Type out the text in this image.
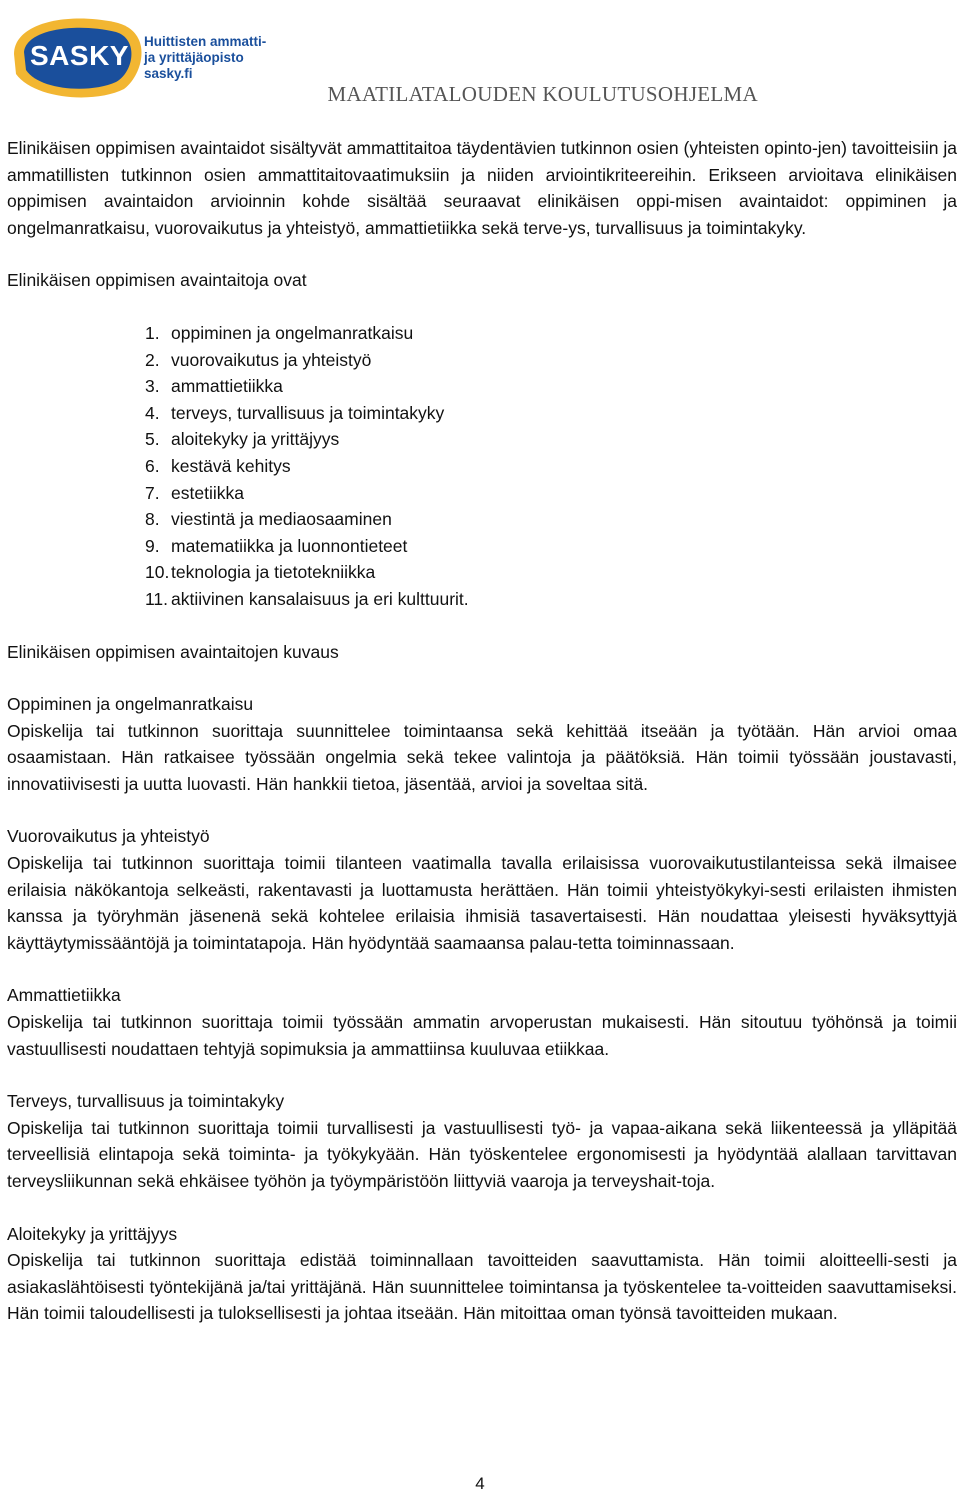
SASKY Huittisten ammatti-
ja yrittäjäopisto
sasky.fi
MAATILATALOUDEN KOULUTUSOHJELMA

Elinikäisen oppimisen avaintaidot sisältyvät ammattitaitoa täydentävien tutkinnon osien (yhteisten opinto-jen) tavoitteisiin ja ammatillisten tutkinnon osien ammattitaitovaatimuksiin ja niiden arviointikriteereihin. Erikseen arvioitava elinikäisen oppimisen avaintaidon arvioinnin kohde sisältää seuraavat elinikäisen oppi-misen avaintaidot: oppiminen ja ongelmanratkaisu, vuorovaikutus ja yhteistyö, ammattietiikka sekä terve-ys, turvallisuus ja toimintakyky.

Elinikäisen oppimisen avaintaitoja ovat

1. oppiminen ja ongelmanratkaisu
2. vuorovaikutus ja yhteistyö
3. ammattietiikka
4. terveys, turvallisuus ja toimintakyky
5. aloitekyky ja yrittäjyys
6. kestävä kehitys
7. estetiikka
8. viestintä ja mediaosaaminen
9. matematiikka ja luonnontieteet
10. teknologia ja tietotekniikka
11. aktiivinen kansalaisuus ja eri kulttuurit.

Elinikäisen oppimisen avaintaitojen kuvaus

Oppiminen ja ongelmanratkaisu

Opiskelija tai tutkinnon suorittaja suunnittelee toimintaansa sekä kehittää itseään ja työtään. Hän arvioi omaa osaamistaan. Hän ratkaisee työssään ongelmia sekä tekee valintoja ja päätöksiä. Hän toimii työssään joustavasti, innovatiivisesti ja uutta luovasti. Hän hankkii tietoa, jäsentää, arvioi ja soveltaa sitä.

Vuorovaikutus ja yhteistyö

Opiskelija tai tutkinnon suorittaja toimii tilanteen vaatimalla tavalla erilaisissa vuorovaikutustilanteissa sekä ilmaisee erilaisia näkökantoja selkeästi, rakentavasti ja luottamusta herättäen. Hän toimii yhteistyökykyi-sesti erilaisten ihmisten kanssa ja työryhmän jäsenenä sekä kohtelee erilaisia ihmisiä tasavertaisesti. Hän noudattaa yleisesti hyväksyttyjä käyttäytymissääntöjä ja toimintatapoja. Hän hyödyntää saamaansa palau-tetta toiminnassaan.

Ammattietiikka

Opiskelija tai tutkinnon suorittaja toimii työssään ammatin arvoperustan mukaisesti. Hän sitoutuu työhönsä ja toimii vastuullisesti noudattaen tehtyjä sopimuksia ja ammattiinsa kuuluvaa etiikkaa.

Terveys, turvallisuus ja toimintakyky

Opiskelija tai tutkinnon suorittaja toimii turvallisesti ja vastuullisesti työ- ja vapaa-aikana sekä liikenteessä ja ylläpitää terveellisiä elintapoja sekä toiminta- ja työkykyään. Hän työskentelee ergonomisesti ja hyödyntää alallaan tarvittavan terveysliikunnan sekä ehkäisee työhön ja työympäristöön liittyviä vaaroja ja terveyshait-toja.

Aloitekyky ja yrittäjyys

Opiskelija tai tutkinnon suorittaja edistää toiminnallaan tavoitteiden saavuttamista. Hän toimii aloitteelli-sesti ja asiakaslähtöisesti työntekijänä ja/tai yrittäjänä. Hän suunnittelee toimintansa ja työskentelee ta-voitteiden saavuttamiseksi. Hän toimii taloudellisesti ja tuloksellisesti ja johtaa itseään. Hän mitoittaa oman työnsä tavoitteiden mukaan.

4
